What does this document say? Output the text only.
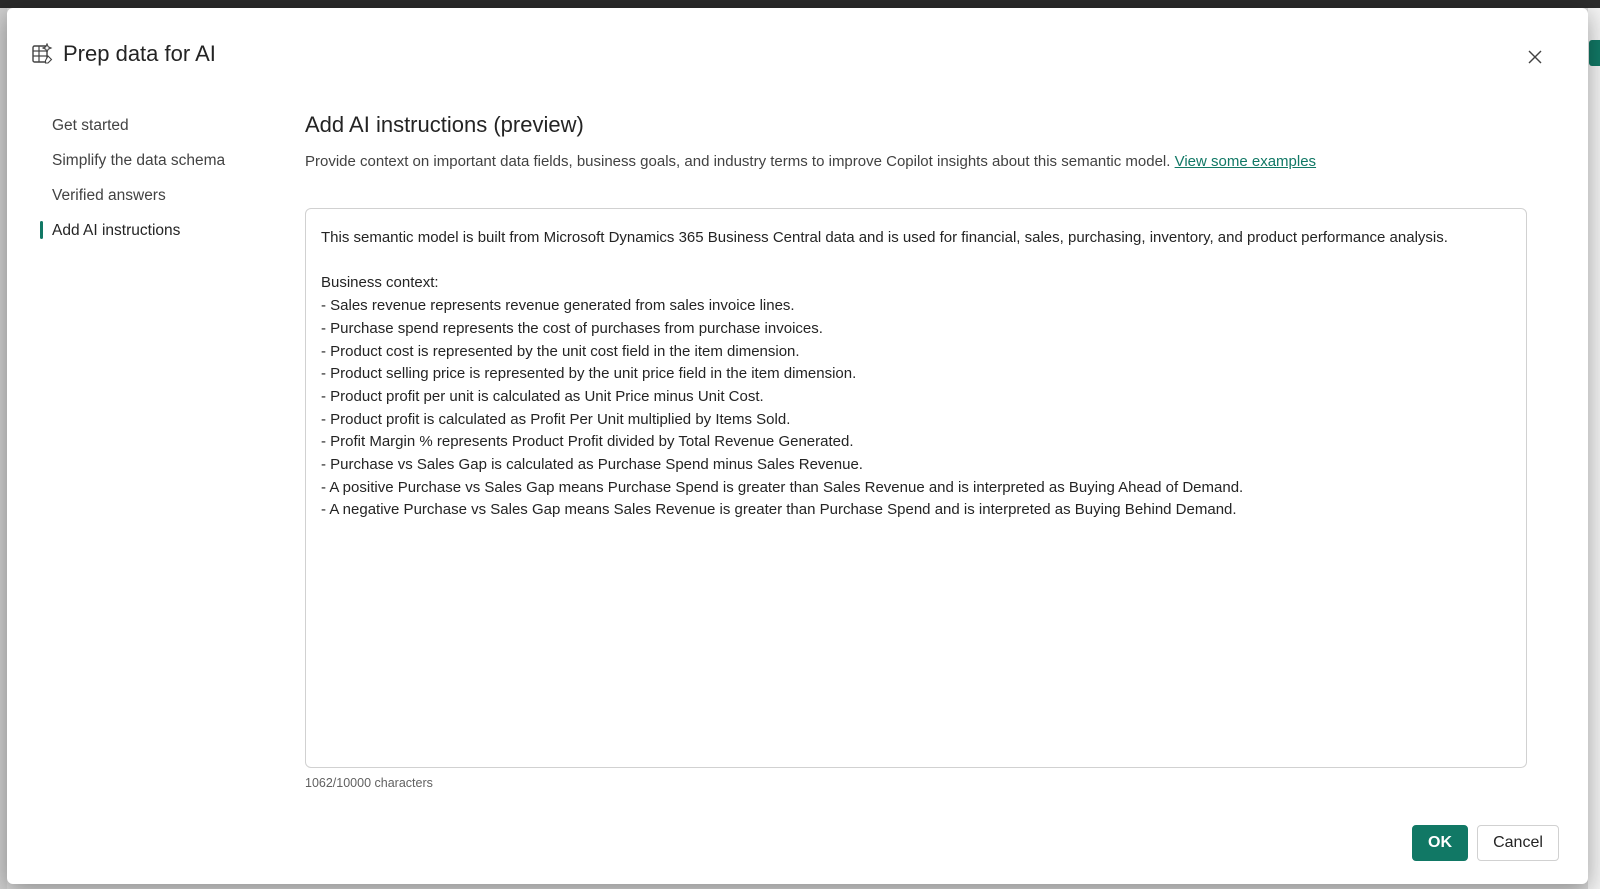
Prep data for AI
Get started
Simplify the data schema
Verified answers
Add AI instructions
Add AI instructions (preview)
Provide context on important data fields, business goals, and industry terms to improve Copilot insights about this semantic model. View some examples
This semantic model is built from Microsoft Dynamics 365 Business Central data and is used for financial, sales, purchasing, inventory, and product performance analysis. Business context: - Sales revenue represents revenue generated from sales invoice lines. - Purchase spend represents the cost of purchases from purchase invoices. - Product cost is represented by the unit cost field in the item dimension. - Product selling price is represented by the unit price field in the item dimension. - Product profit per unit is calculated as Unit Price minus Unit Cost. - Product profit is calculated as Profit Per Unit multiplied by Items Sold. - Profit Margin % represents Product Profit divided by Total Revenue Generated. - Purchase vs Sales Gap is calculated as Purchase Spend minus Sales Revenue. - A positive Purchase vs Sales Gap means Purchase Spend is greater than Sales Revenue and is interpreted as Buying Ahead of Demand. - A negative Purchase vs Sales Gap means Sales Revenue is greater than Purchase Spend and is interpreted as Buying Behind Demand.
1062/10000 characters
OK	Cancel
